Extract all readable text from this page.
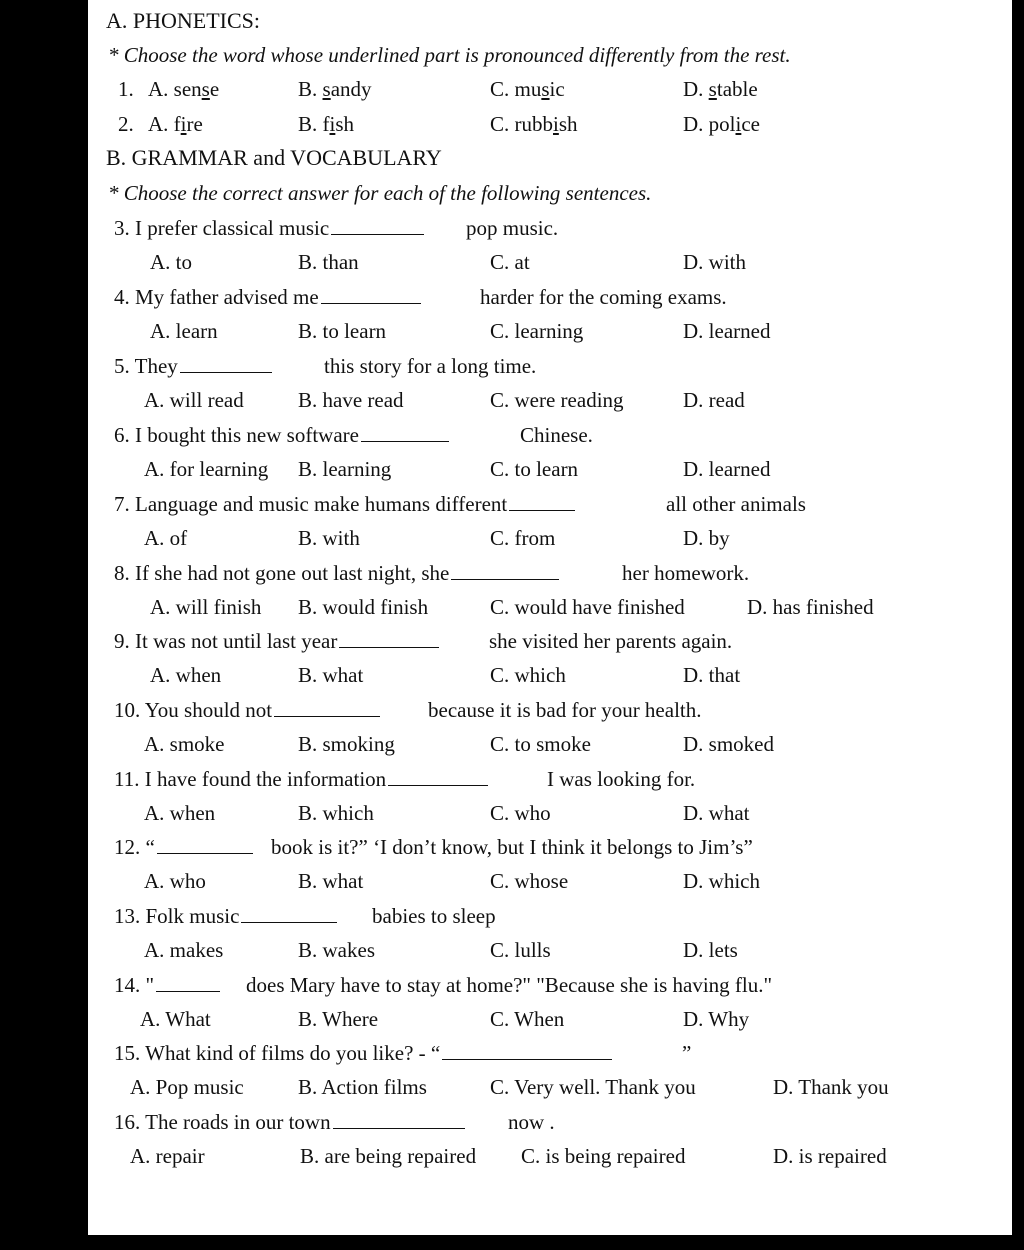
A. PHONETICS:
* Choose the word whose underlined part is pronounced differently from the rest.
1. A. sense	B. sandy	C. music	D. stable
2. A. fire	B. fish	C. rubbish	D. police
B. GRAMMAR and VOCABULARY
* Choose the correct answer for each of the following sentences.
3. I prefer classical music	pop music.
A. to	B. than	C. at	D. with
4. My father advised me	harder for the coming exams.
A. learn	B. to learn	C. learning	D. learned
5. They	this story for a long time.
A. will read	B. have read	C. were reading	D. read
6. I bought this new software	Chinese.
A. for learning B. learning	C. to learn	D. learned
7. Language and music make humans different	all other animals
A. of	B. with	C. from	D. by
8. If she had not gone out last night, she	her homework.
A. will finish B. would finish	C. would have finished	D. has finished
9. It was not until last year	she visited her parents again.
A. when	B. what	C. which	D. that
10. You should not	because it is bad for your health.
A. smoke	B. smoking	C. to smoke	D. smoked
11. I have found the information	I was looking for.
A. when	B. which	C. who	D. what
12. “	book is it?” ‘I don’t know, but I think it belongs to Jim’s”
A. who	B. what	C. whose	D. which
13. Folk music	babies to sleep
A. makes	B. wakes	C. lulls	D. lets
14. "	does Mary have to stay at home?" "Because she is having flu."
A. What	B. Where	C. When	D. Why
15. What kind of films do you like? - “	”
A. Pop music	B. Action films	C. Very well. Thank you	D. Thank you
16. The roads in our town	now .
A. repair	B. are being repaired C. is being repaired	D. is repaired
